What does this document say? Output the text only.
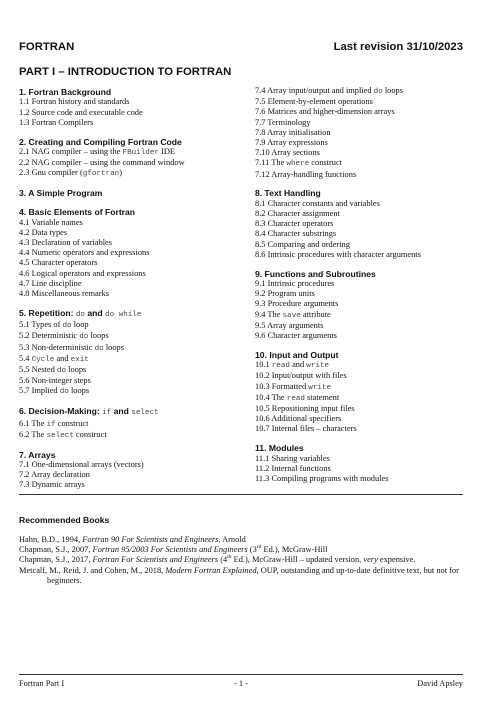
FORTRAN	Last revision 31/10/2023
PART I – INTRODUCTION TO FORTRAN
1. Fortran Background
1.1 Fortran history and standards
1.2 Source code and executable code
1.3 Fortran Compilers
2. Creating and Compiling Fortran Code
2.1 NAG compiler – using the FBuilder IDE
2.2 NAG compiler – using the command window
2.3 Gnu compiler (gfortran)
3. A Simple Program
4. Basic Elements of Fortran
4.1 Variable names
4.2 Data types
4.3 Declaration of variables
4.4 Numeric operators and expressions
4.5 Character operators
4.6 Logical operators and expressions
4.7 Line discipline
4.8 Miscellaneous remarks
5. Repetition: do and do while
5.1 Types of do loop
5.2 Deterministic do loops
5.3 Non-deterministic do loops
5.4 Cycle and exit
5.5 Nested do loops
5.6 Non-integer steps
5.7 Implied do loops
6. Decision-Making: if and select
6.1 The if construct
6.2 The select construct
7. Arrays
7.1 One-dimensional arrays (vectors)
7.2 Array declaration
7.3 Dynamic arrays
7.4 Array input/output and implied do loops
7.5 Element-by-element operations
7.6 Matrices and higher-dimension arrays
7.7 Terminology
7.8 Array initialisation
7.9 Array expressions
7.10 Array sections
7.11 The where construct
7.12 Array-handling functions
8. Text Handling
8.1 Character constants and variables
8.2 Character assignment
8.3 Character operators
8.4 Character substrings
8.5 Comparing and ordering
8.6 Intrinsic procedures with character arguments
9. Functions and Subroutines
9.1 Intrinsic procedures
9.2 Program units
9.3 Procedure arguments
9.4 The save attribute
9.5 Array arguments
9.6 Character arguments
10. Input and Output
10.1 read and write
10.2 Input/output with files
10.3 Formatted write
10.4 The read statement
10.5 Repositioning input files
10.6 Additional specifiers
10.7 Internal files – characters
11. Modules
11.1 Sharing variables
11.2 Internal functions
11.3 Compiling programs with modules
Recommended Books
Hahn, B.D., 1994, Fortran 90 For Scientists and Engineers, Arnold
Chapman, S.J., 2007, Fortran 95/2003 For Scientists and Engineers (3rd Ed.), McGraw-Hill
Chapman, S.J., 2017, Fortran For Scientists and Engineers (4th Ed.), McGraw-Hill – updated version, very expensive.
Metcalf, M., Reid, J. and Cohen, M., 2018, Modern Fortran Explained, OUP, outstanding and up-to-date definitive text, but not for beginners.
Fortran Part I	- 1 -	David Apsley
